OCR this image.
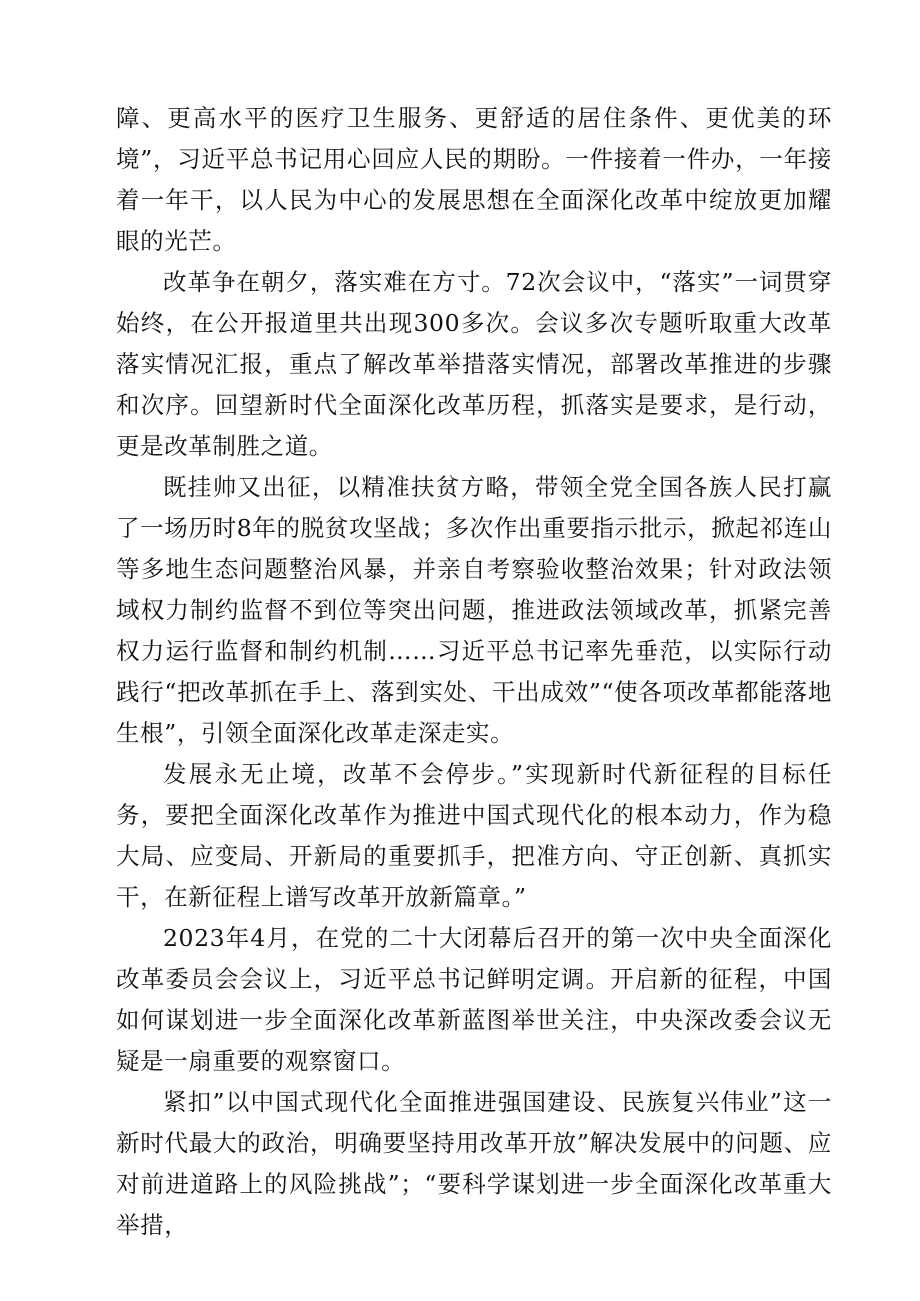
障、更高水平的医疗卫生服务、更舒适的居住条件、更优美的环境”，习近平总书记用心回应人民的期盼。一件接着一件办，一年接着一年干，以人民为中心的发展思想在全面深化改革中绽放更加耀眼的光芒。

改革争在朝夕，落实难在方寸。72次会议中，“落实”一词贯穿始终，在公开报道里共出现300多次。会议多次专题听取重大改革落实情况汇报，重点了解改革举措落实情况，部署改革推进的步骤和次序。回望新时代全面深化改革历程，抓落实是要求，是行动，更是改革制胜之道。

既挂帅又出征，以精准扶贫方略，带领全党全国各族人民打赢了一场历时8年的脱贫攻坚战；多次作出重要指示批示，掀起祁连山等多地生态问题整治风暴，并亲自考察验收整治效果；针对政法领域权力制约监督不到位等突出问题，推进政法领域改革，抓紧完善权力运行监督和制约机制……习近平总书记率先垂范，以实际行动践行“把改革抓在手上、落到实处、干出成效”“使各项改革都能落地生根”，引领全面深化改革走深走实。

发展永无止境，改革不会停步。”实现新时代新征程的目标任务，要把全面深化改革作为推进中国式现代化的根本动力，作为稳大局、应变局、开新局的重要抓手，把准方向、守正创新、真抓实干，在新征程上谱写改革开放新篇章。”

2023年4月，在党的二十大闭幕后召开的第一次中央全面深化改革委员会会议上，习近平总书记鲜明定调。开启新的征程，中国如何谋划进一步全面深化改革新蓝图举世关注，中央深改委会议无疑是一扇重要的观察窗口。

紧扣”以中国式现代化全面推进强国建设、民族复兴伟业”这一新时代最大的政治，明确要坚持用改革开放”解决发展中的问题、应对前进道路上的风险挑战”；“要科学谋划进一步全面深化改革重大举措，
